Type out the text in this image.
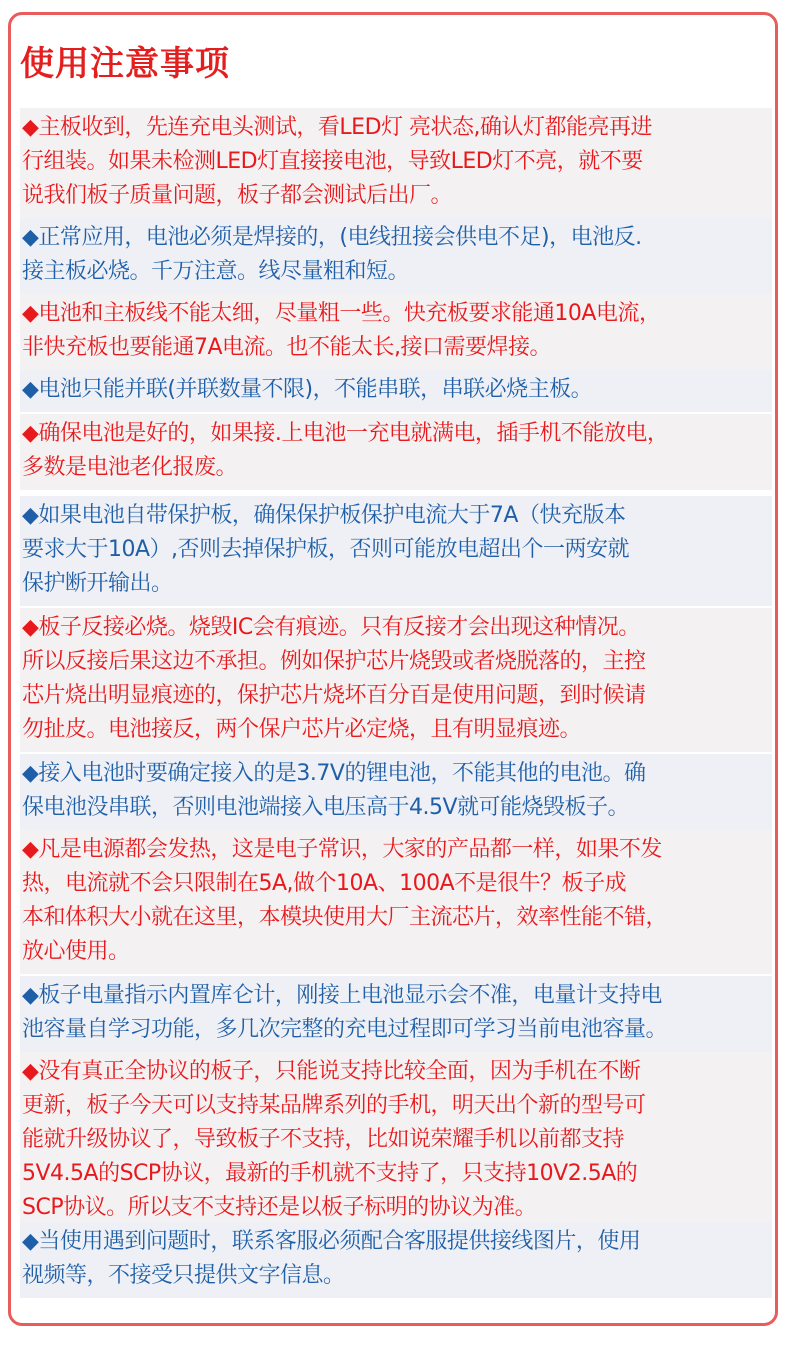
使用注意事项
◆主板收到，先连充电头测试，看LED灯 亮状态,确认灯都能亮再进
行组装。如果未检测LED灯直接接电池，导致LED灯不亮，就不要
说我们板子质量问题，板子都会测试后出厂。
◆正常应用，电池必须是焊接的，(电线扭接会供电不足)，电池反.
接主板必烧。千万注意。线尽量粗和短。
◆电池和主板线不能太细，尽量粗一些。快充板要求能通10A电流，
非快充板也要能通7A电流。也不能太长,接口需要焊接。
◆电池只能并联(并联数量不限)，不能串联，串联必烧主板。
◆确保电池是好的，如果接.上电池一充电就满电，插手机不能放电，
多数是电池老化报废。
◆如果电池自带保护板，确保保护板保护电流大于7A（快充版本
要求大于10A）,否则去掉保护板，否则可能放电超出个一两安就
保护断开输出。
◆板子反接必烧。烧毁IC会有痕迹。只有反接才会出现这种情况。
所以反接后果这边不承担。例如保护芯片烧毁或者烧脱落的，主控
芯片烧出明显痕迹的，保护芯片烧坏百分百是使用问题，到时候请
勿扯皮。电池接反，两个保户芯片必定烧，且有明显痕迹。
◆接入电池时要确定接入的是3.7V的锂电池，不能其他的电池。确
保电池没串联，否则电池端接入电压高于4.5V就可能烧毁板子。
◆凡是电源都会发热，这是电子常识，大家的产品都一样，如果不发
热，电流就不会只限制在5A,做个10A、100A不是很牛？板子成
本和体积大小就在这里，本模块使用大厂主流芯片，效率性能不错，
放心使用。
◆板子电量指示内置库仑计，刚接上电池显示会不准，电量计支持电
池容量自学习功能，多几次完整的充电过程即可学习当前电池容量。
◆没有真正全协议的板子，只能说支持比较全面，因为手机在不断
更新，板子今天可以支持某品牌系列的手机，明天出个新的型号可
能就升级协议了，导致板子不支持，比如说荣耀手机以前都支持
5V4.5A的SCP协议，最新的手机就不支持了，只支持10V2.5A的
SCP协议。所以支不支持还是以板子标明的协议为准。
◆当使用遇到问题时，联系客服必须配合客服提供接线图片，使用
视频等，不接受只提供文字信息。
